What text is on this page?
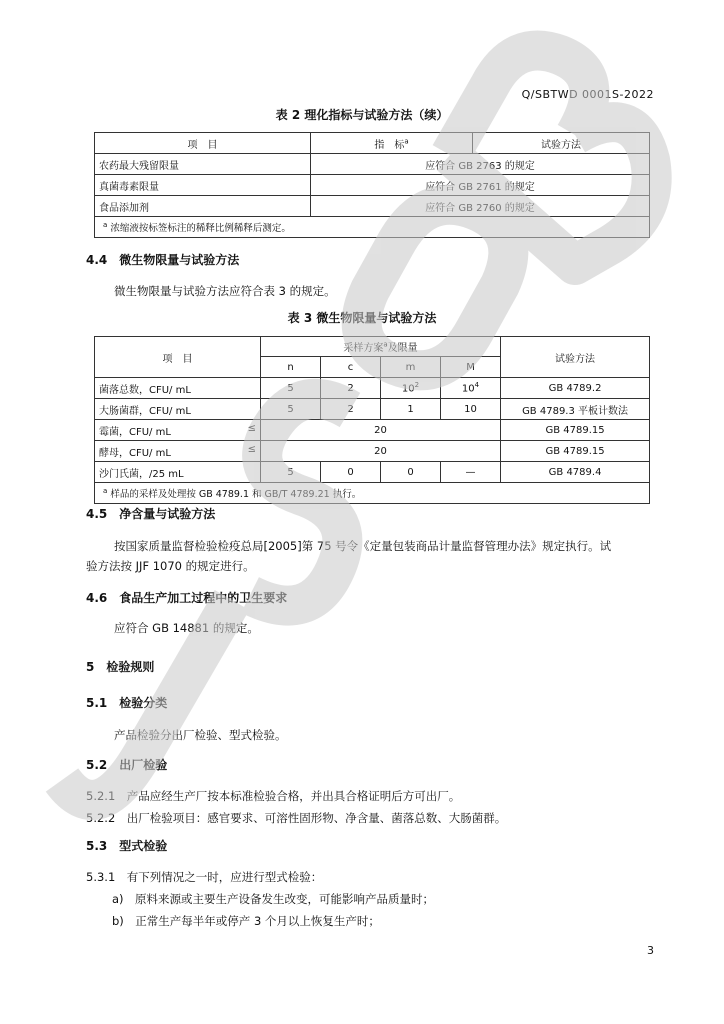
Q/SBTWD 0001S-2022
表 2 理化指标与试验方法（续）
项　目	指　标$^a$	试验方法
农药最大残留限量	应符合 GB 2763 的规定	
真菌毒素限量	应符合 GB 2761 的规定	
食品添加剂	应符合 GB 2760 的规定	
$^a$ 浓缩液按标签标注的稀释比例稀释后测定。		
4.4　微生物限量与试验方法
微生物限量与试验方法应符合表 3 的规定。
表 3 微生物限量与试验方法
项　目	采样方案$^a$及限量				试验方法
	n	c	m	M	
菌落总数，CFU/ mL	5	2	$10^2$	$10^4$	GB 4789.2
大肠菌群，CFU/ mL	5	2	1	10	GB 4789.3 平板计数法
霉菌，CFU/ mL ≤	20				GB 4789.15
酵母，CFU/ mL ≤	20				GB 4789.15
沙门氏菌，/25 mL	5	0	0	—	GB 4789.4
$^a$ 样品的采样及处理按 GB 4789.1 和 GB/T 4789.21 执行。					
4.5　净含量与试验方法
按国家质量监督检验检疫总局[2005]第 75 号令《定量包装商品计量监督管理办法》规定执行。试
验方法按 JJF 1070 的规定进行。
4.6　食品生产加工过程中的卫生要求
应符合 GB 14881 的规定。
5　检验规则
5.1　检验分类
产品检验分出厂检验、型式检验。
5.2　出厂检验
5.2.1　 产品应经生产厂按本标准检验合格，并出具合格证明后方可出厂。
5.2.2　 出厂检验项目：感官要求、可溶性固形物、净含量、菌落总数、大肠菌群。
5.3　型式检验
5.3.1　 有下列情况之一时，应进行型式检验：
a)　 原料来源或主要生产设备发生改变，可能影响产品质量时；
b)　 正常生产每半年或停产 3 个月以上恢复生产时；
3
